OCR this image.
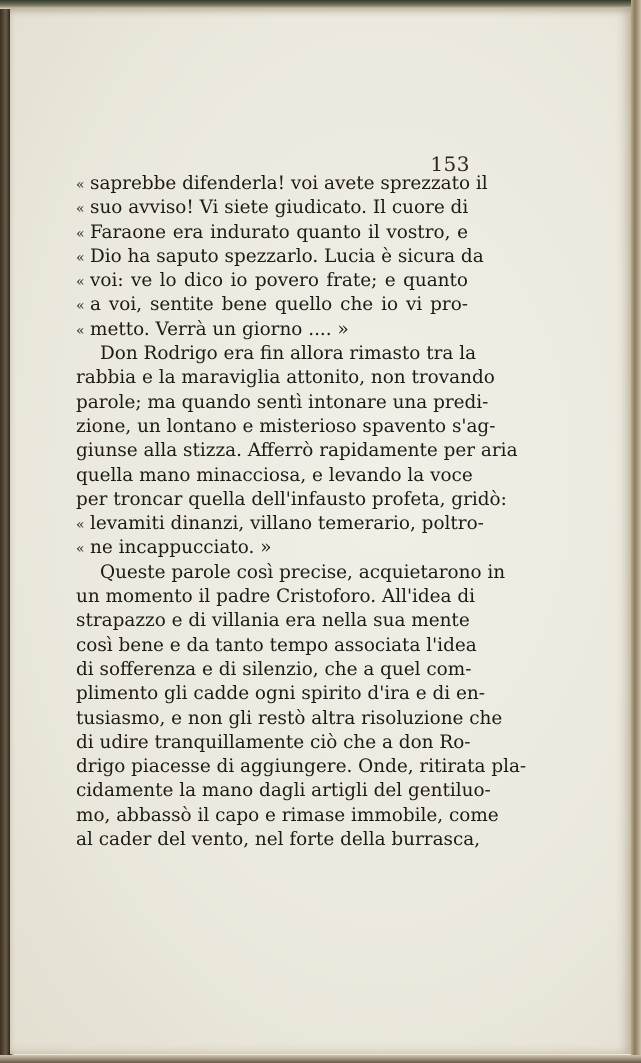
153
« saprebbe difenderla! voi avete sprezzato il
« suo avviso! Vi siete giudicato. Il cuore di
« Faraone era indurato quanto il vostro, e
« Dio ha saputo spezzarlo. Lucia è sicura da
« voi: ve lo dico io povero frate; e quanto
« a voi, sentite bene quello che io vi pro-
« metto. Verrà un giorno .... »
Don Rodrigo era fin allora rimasto tra la
rabbia e la maraviglia attonito, non trovando
parole; ma quando sentì intonare una predi-
zione, un lontano e misterioso spavento s'ag-
giunse alla stizza. Afferrò rapidamente per aria
quella mano minacciosa, e levando la voce
per troncar quella dell'infausto profeta, gridò:
« levamiti dinanzi, villano temerario, poltro-
« ne incappucciato. »
Queste parole così precise, acquietarono in
un momento il padre Cristoforo. All'idea di
strapazzo e di villania era nella sua mente
così bene e da tanto tempo associata l'idea
di sofferenza e di silenzio, che a quel com-
plimento gli cadde ogni spirito d'ira e di en-
tusiasmo, e non gli restò altra risoluzione che
di udire tranquillamente ciò che a don Ro-
drigo piacesse di aggiungere. Onde, ritirata pla-
cidamente la mano dagli artigli del gentiluo-
mo, abbassò il capo e rimase immobile, come
al cader del vento, nel forte della burrasca,
